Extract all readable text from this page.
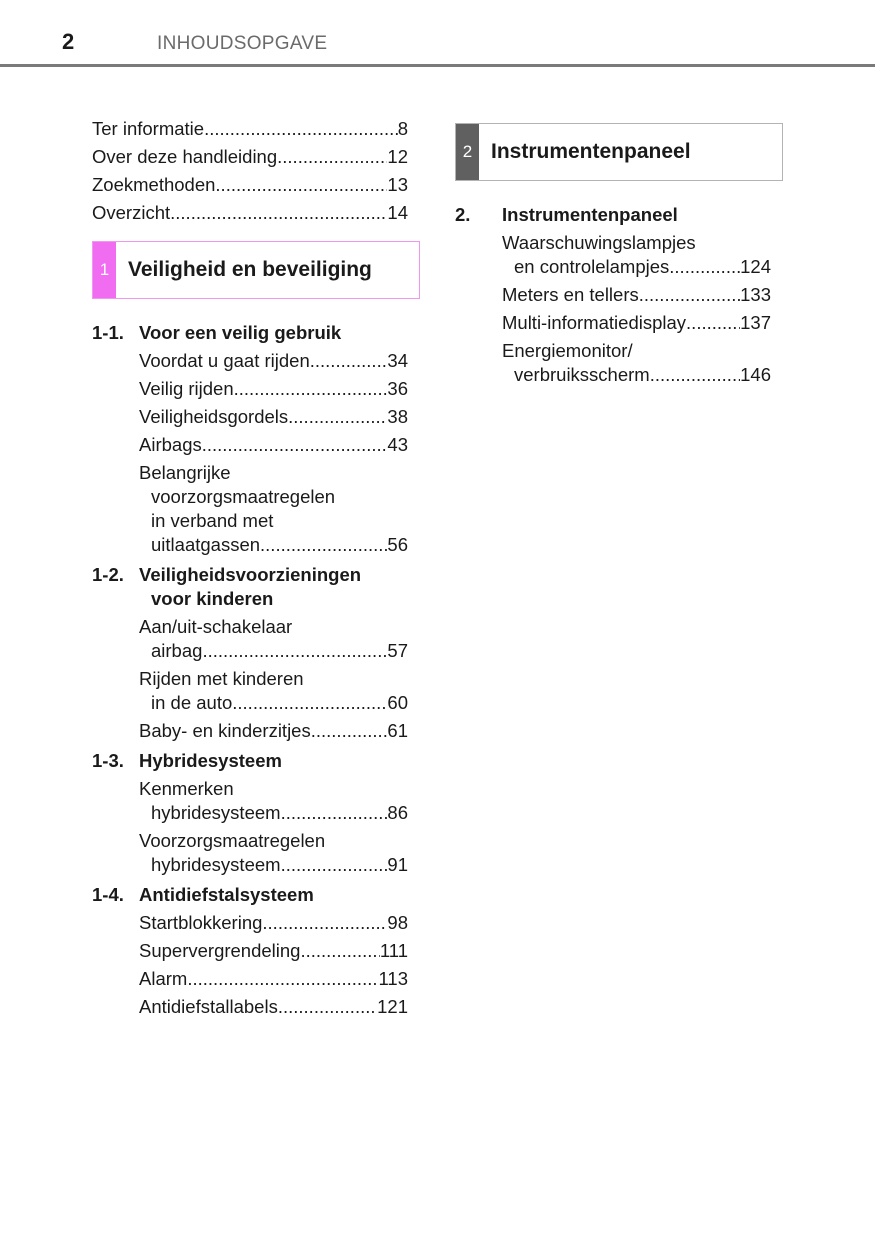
2	INHOUDSOPGAVE
Ter informatie .....	8
Over deze handleiding .....	12
Zoekmethoden .....	13
Overzicht .....	14
1 Veiligheid en beveiliging
1-1. Voor een veilig gebruik
Voordat u gaat rijden .....	34
Veilig rijden .....	36
Veiligheidsgordels .....	38
Airbags .....	43
Belangrijke
voorzorgsmaatregelen
in verband met
uitlaatgassen .....	56
1-2. Veiligheidsvoorzieningen
voor kinderen
Aan/uit-schakelaar
airbag .....	57
Rijden met kinderen
in de auto .....	60
Baby- en kinderzitjes .....	61
1-3. Hybridesysteem
Kenmerken
hybridesysteem .....	86
Voorzorgsmaatregelen
hybridesysteem .....	91
1-4. Antidiefstalsysteem
Startblokkering .....	98
Supervergrendeling .....	111
Alarm .....	113
Antidiefstallabels .....	121
2 Instrumentenpaneel
2.	Instrumentenpaneel
Waarschuwingslampjes
en controlelampjes .....	124
Meters en tellers .....	133
Multi-informatiedisplay .....	137
Energiemonitor/
verbruiksscherm .....	146
